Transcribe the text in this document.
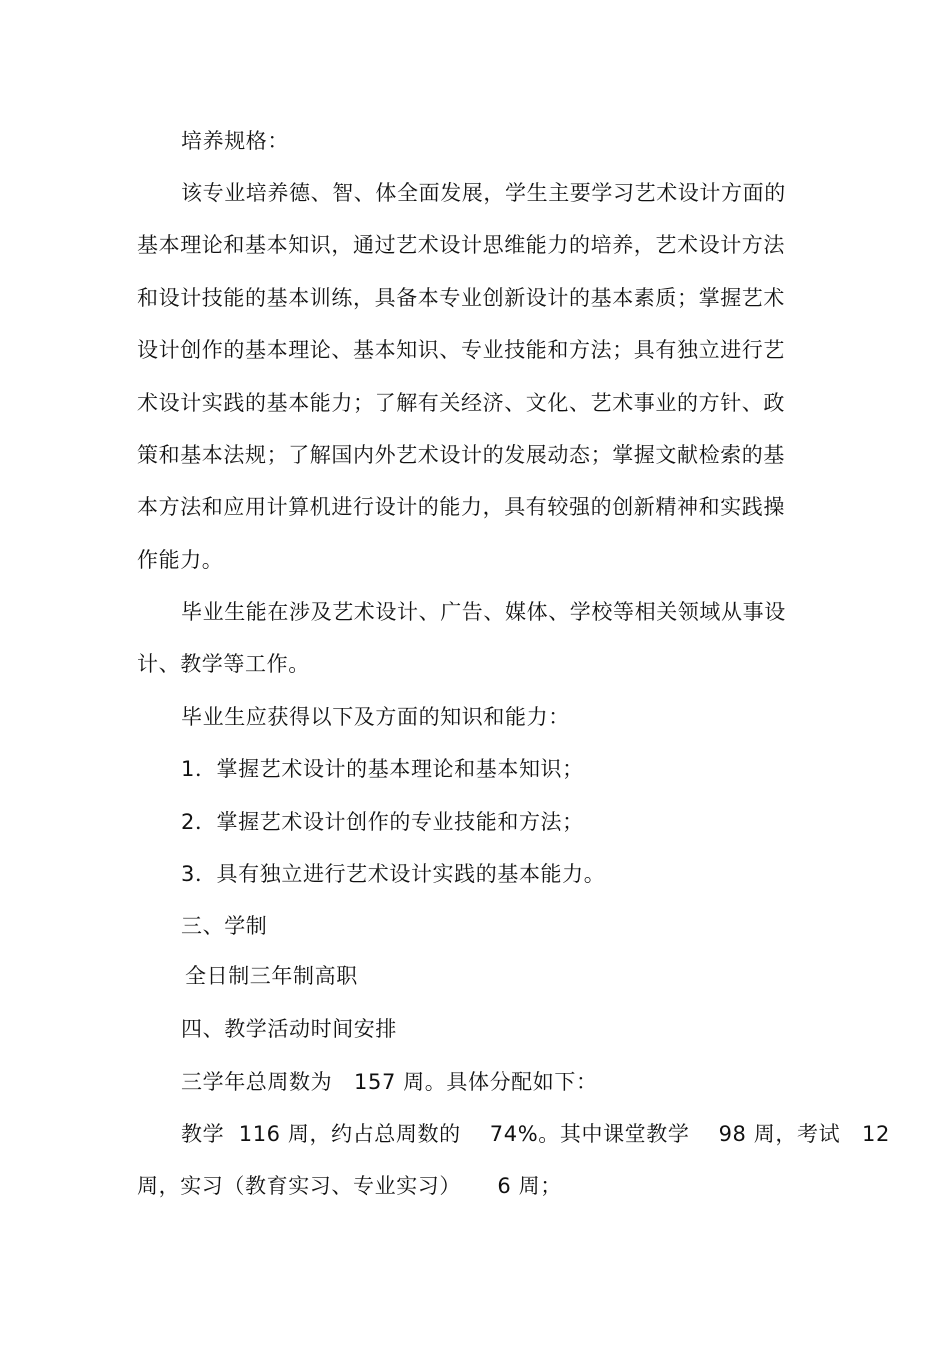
培养规格：
该专业培养德、智、体全面发展，学生主要学习艺术设计方面的
基本理论和基本知识，通过艺术设计思维能力的培养，艺术设计方法
和设计技能的基本训练，具备本专业创新设计的基本素质；掌握艺术
设计创作的基本理论、基本知识、专业技能和方法；具有独立进行艺
术设计实践的基本能力；了解有关经济、文化、艺术事业的方针、政
策和基本法规；了解国内外艺术设计的发展动态；掌握文献检索的基
本方法和应用计算机进行设计的能力，具有较强的创新精神和实践操
作能力。
毕业生能在涉及艺术设计、广告、媒体、学校等相关领域从事设
计、教学等工作。
毕业生应获得以下及方面的知识和能力：
1．掌握艺术设计的基本理论和基本知识；
2．掌握艺术设计创作的专业技能和方法；
3．具有独立进行艺术设计实践的基本能力。
三、学制
全日制三年制高职
四、教学活动时间安排
三学年总周数为   157 周。具体分配如下：
教学  116 周，约占总周数的    74%。其中课堂教学    98 周，考试   12
周，实习（教育实习、专业实习）     6 周；
